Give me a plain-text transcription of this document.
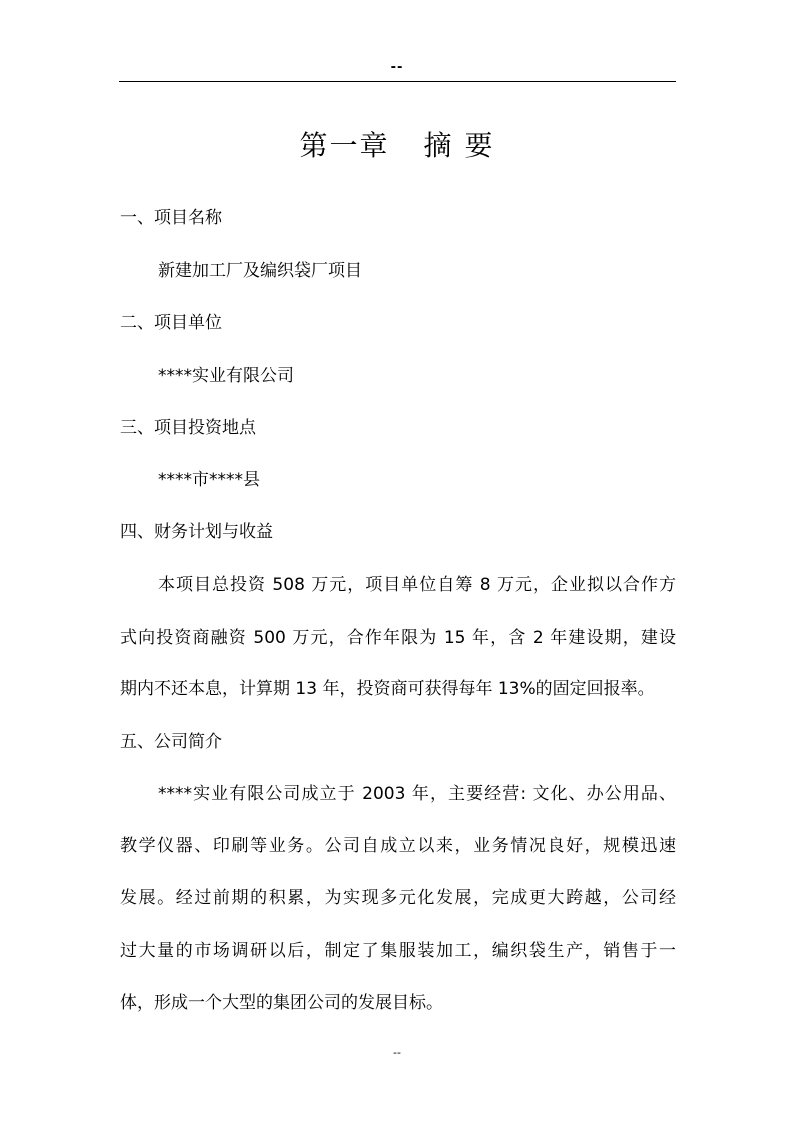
--
第一章 摘 要
一、项目名称
新建加工厂及编织袋厂项目
二、项目单位
****实业有限公司
三、项目投资地点
****市****县
四、财务计划与收益
本项目总投资 508 万元，项目单位自筹 8 万元，企业拟以合作方
式向投资商融资 500 万元，合作年限为 15 年，含 2 年建设期，建设
期内不还本息，计算期 13 年，投资商可获得每年 13%的固定回报率。
五、公司简介
****实业有限公司成立于 2003 年，主要经营: 文化、办公用品、
教学仪器、印刷等业务。公司自成立以来，业务情况良好，规模迅速
发展。经过前期的积累，为实现多元化发展，完成更大跨越，公司经
过大量的市场调研以后，制定了集服装加工，编织袋生产，销售于一
体，形成一个大型的集团公司的发展目标。
--
